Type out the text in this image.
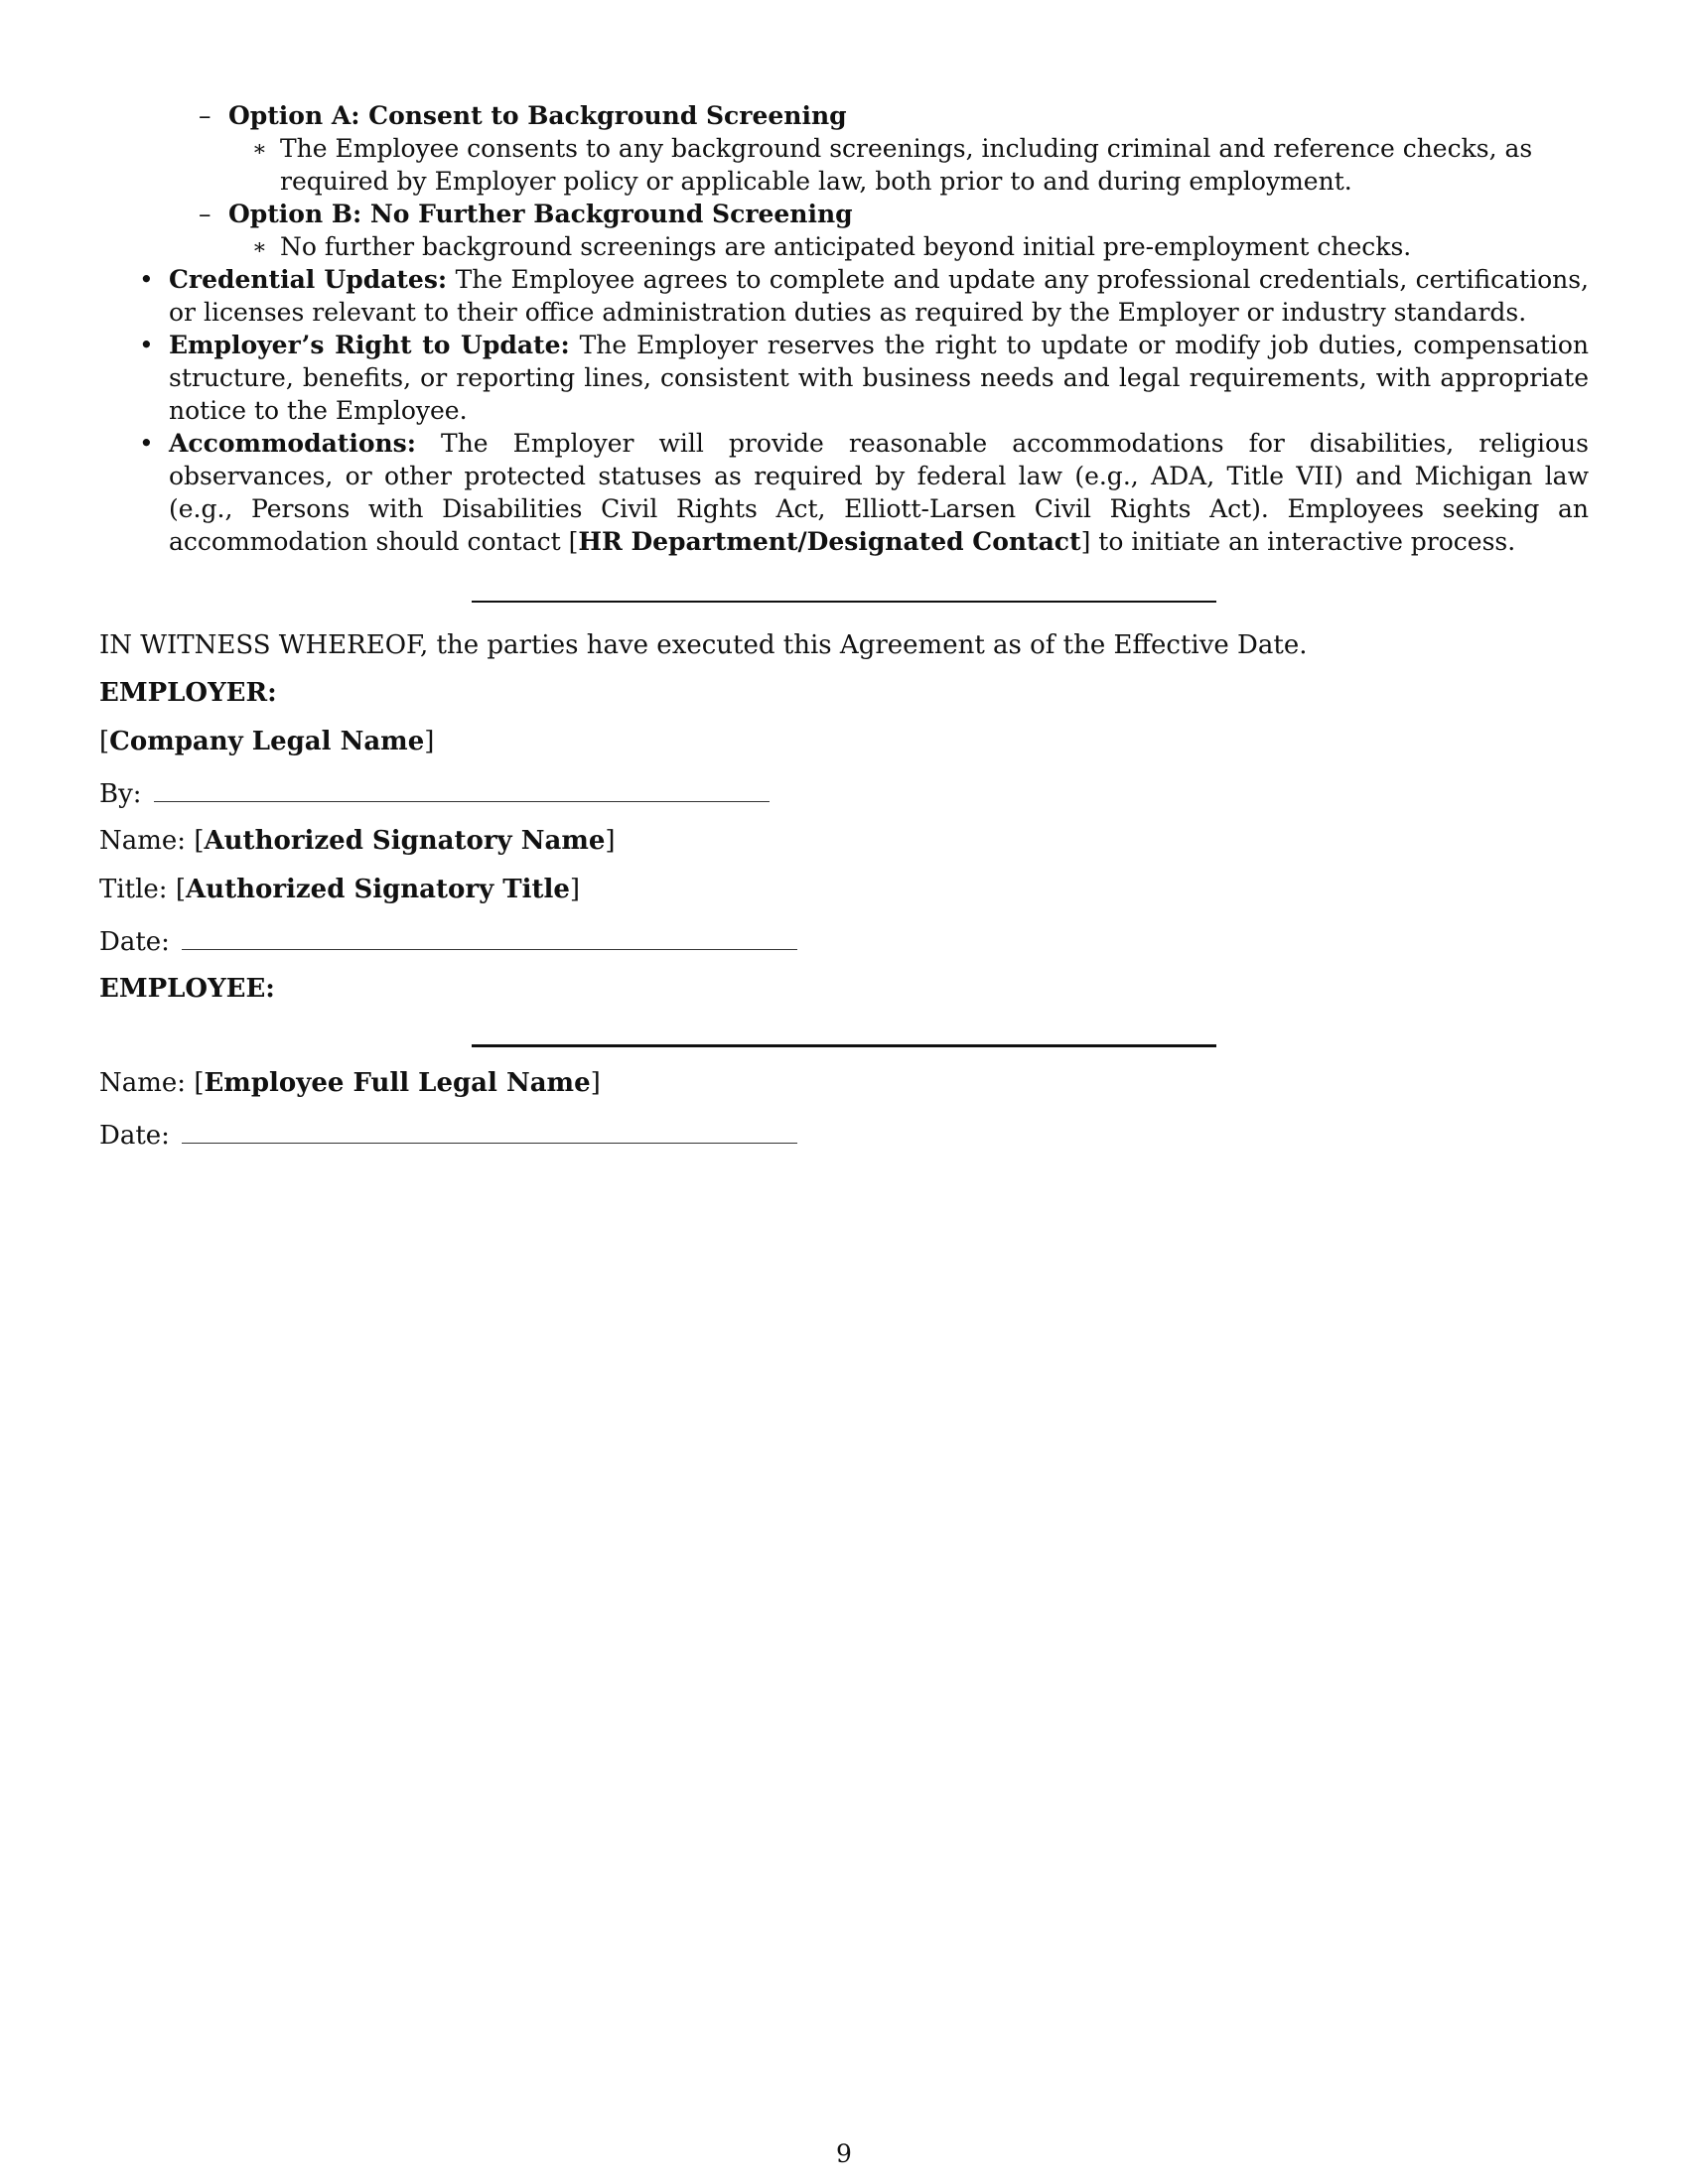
– Option A: Consent to Background Screening
∗ The Employee consents to any background screenings, including criminal and reference checks, as required by Employer policy or applicable law, both prior to and during employment.
– Option B: No Further Background Screening
∗ No further background screenings are anticipated beyond initial pre-employment checks.
• Credential Updates: The Employee agrees to complete and update any professional credentials, certifications, or licenses relevant to their office administration duties as required by the Employer or industry standards.
• Employer’s Right to Update: The Employer reserves the right to update or modify job duties, compensation structure, benefits, or reporting lines, consistent with business needs and legal requirements, with appropriate notice to the Employee.
• Accommodations: The Employer will provide reasonable accommodations for disabilities, religious observances, or other protected statuses as required by federal law (e.g., ADA, Title VII) and Michigan law (e.g., Persons with Disabilities Civil Rights Act, Elliott-Larsen Civil Rights Act). Employees seeking an accommodation should contact [HR Department/Designated Contact] to initiate an interactive process.
IN WITNESS WHEREOF, the parties have executed this Agreement as of the Effective Date.
EMPLOYER:
[Company Legal Name]
By:
Name: [Authorized Signatory Name]
Title: [Authorized Signatory Title]
Date:
EMPLOYEE:
Name: [Employee Full Legal Name]
Date:
9
